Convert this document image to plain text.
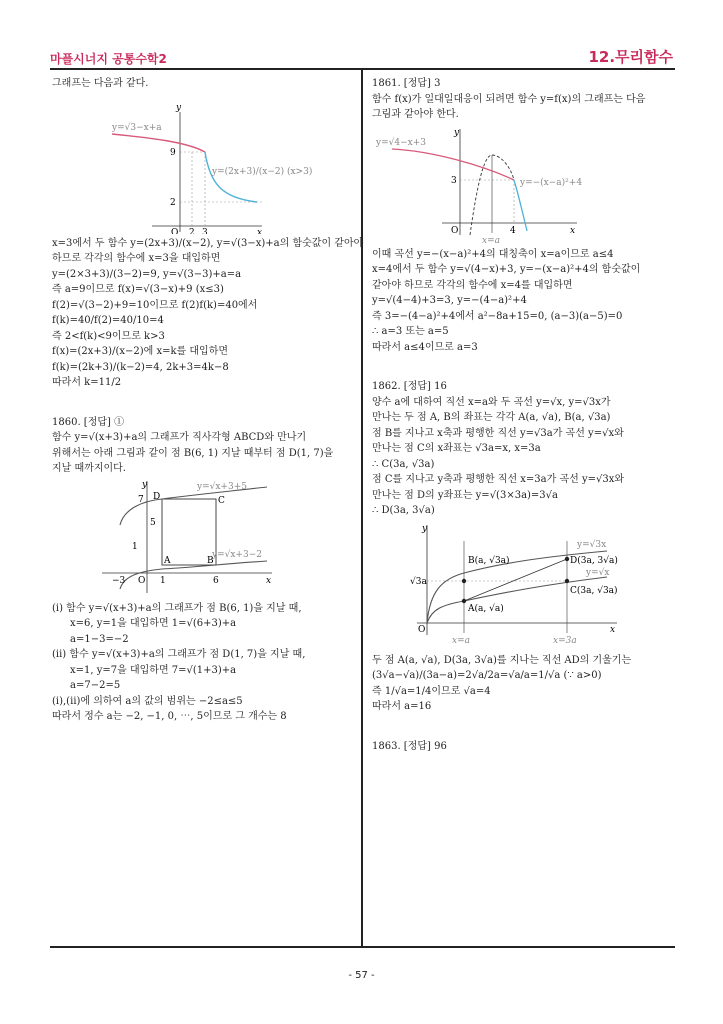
마플시너지 공통수학2	12.무리함수
- 57 -

그래프는 다음과 같다.

y=√3−x+a
y=(2x+3)/(x−2) (x>3)
9
2
O 2 3	x
y

x=3에서 두 함수 y=(2x+3)/(x−2), y=√(3−x)+a의 함숫값이 같아야

하므로 각각의 함수에 x=3을 대입하면

y=(2×3+3)/(3−2)=9, y=√(3−3)+a=a

즉 a=9이므로 f(x)=√(3−x)+9 (x≤3)

f(2)=√(3−2)+9=10이므로 f(2)f(k)=40에서

f(k)=40/f(2)=40/10=4

즉 2<f(k)<9이므로 k>3

f(x)=(2x+3)/(x−2)에 x=k를 대입하면

f(k)=(2k+3)/(k−2)=4, 2k+3=4k−8

따라서 k=11/2

1860. [정답] ①

함수 y=√(x+3)+a의 그래프가 직사각형 ABCD와 만나기

위해서는 아래 그림과 같이 점 B(6, 1) 지날 때부터 점 D(1, 7)을

지날 때까지이다.

y=√x+3+5
y=√x+3−2
D	C
A	B
O
7
5
1
−3	1	6	x
y

(ⅰ) 함수 y=√(x+3)+a의 그래프가 점 B(6, 1)을 지날 때,

x=6, y=1을 대입하면 1=√(6+3)+a

a=1−3=−2

(ⅱ) 함수 y=√(x+3)+a의 그래프가 점 D(1, 7)을 지날 때,

x=1, y=7을 대입하면 7=√(1+3)+a

a=7−2=5

(ⅰ),(ⅱ)에 의하여 a의 값의 범위는 −2≤a≤5

따라서 정수 a는 −2, −1, 0, ⋯, 5이므로 그 개수는 8

1861. [정답] 3

함수 f(x)가 일대일대응이 되려면 함수 y=f(x)의 그래프는 다음

그림과 같아야 한다.

y=√4−x+3
y=−(x−a)²+4
3
4
O
x=a
x
y

이때 곡선 y=−(x−a)²+4의 대칭축이 x=a이므로 a≤4

x=4에서 두 함수 y=√(4−x)+3, y=−(x−a)²+4의 함숫값이

같아야 하므로 각각의 함수에 x=4를 대입하면

y=√(4−4)+3=3, y=−(4−a)²+4

즉 3=−(4−a)²+4에서 a²−8a+15=0, (a−3)(a−5)=0

∴ a=3 또는 a=5

따라서 a≤4이므로 a=3

1862. [정답] 16

양수 a에 대하여 직선 x=a와 두 곡선 y=√x, y=√3x가

만나는 두 점 A, B의 좌표는 각각 A(a, √a), B(a, √3a)

점 B를 지나고 x축과 평행한 직선 y=√3a가 곡선 y=√x와

만나는 점 C의 x좌표는 √3a=x, x=3a

∴ C(3a, √3a)

점 C를 지나고 y축과 평행한 직선 x=3a가 곡선 y=√3x와

만나는 점 D의 y좌표는 y=√(3×3a)=3√a

∴ D(3a, 3√a)

y=√3x
y=√x
B(a, √3a)	D(3a, 3√a)
C(3a, √3a)
A(a, √a)
√3a
O
x=a	x=3a
x
y

두 점 A(a, √a), D(3a, 3√a)를 지나는 직선 AD의 기울기는

(3√a−√a)/(3a−a)=2√a/2a=√a/a=1/√a (∵ a>0)

즉 1/√a=1/4이므로 √a=4

따라서 a=16

1863. [정답] 96
